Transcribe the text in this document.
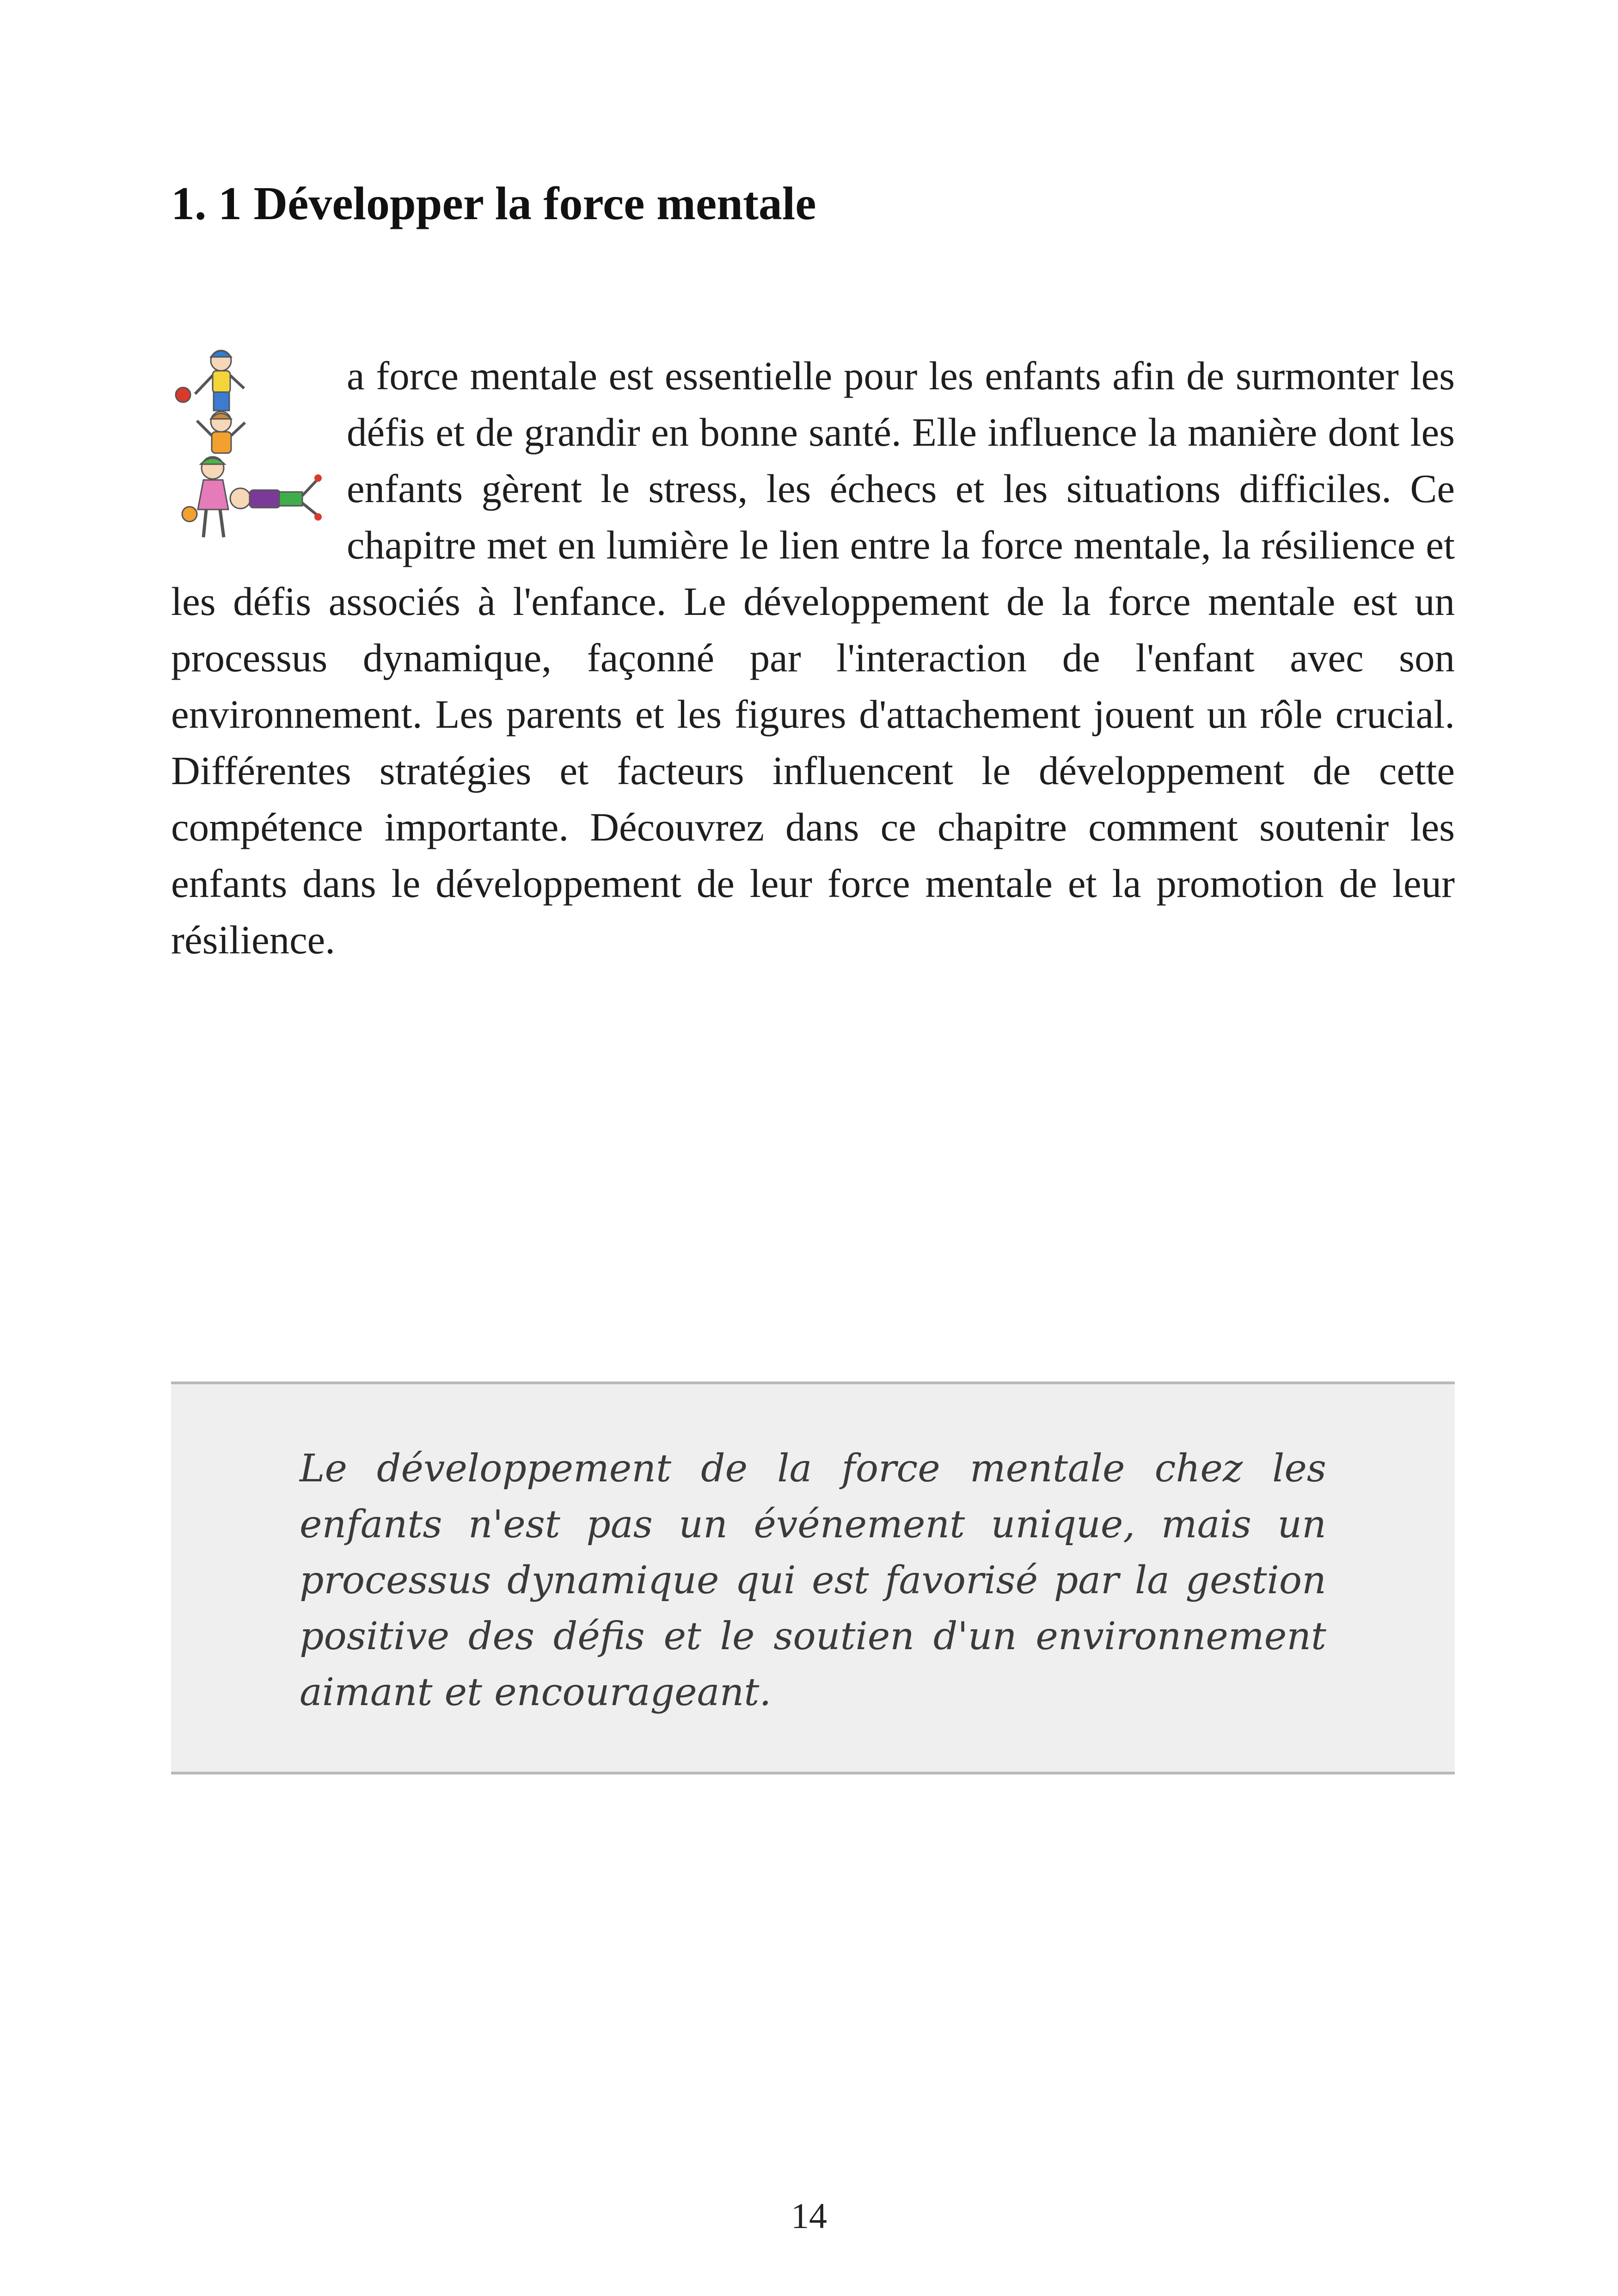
1. 1 Développer la force mentale
a force mentale est essentielle pour les enfants afin de surmonter les défis et de grandir en bonne santé. Elle influence la manière dont les enfants gèrent le stress, les échecs et les situations difficiles. Ce chapitre met en lumière le lien entre la force mentale, la résilience et les défis associés à l'enfance. Le développement de la force mentale est un processus dynamique, façonné par l'interaction de l'enfant avec son environnement. Les parents et les figures d'attachement jouent un rôle crucial. Différentes stratégies et facteurs influencent le développement de cette compétence importante. Découvrez dans ce chapitre comment soutenir les enfants dans le développement de leur force mentale et la promotion de leur résilience.

Le développement de la force mentale chez les enfants n'est pas un événement unique, mais un processus dynamique qui est favorisé par la gestion positive des défis et le soutien d'un environnement aimant et encourageant.

14
